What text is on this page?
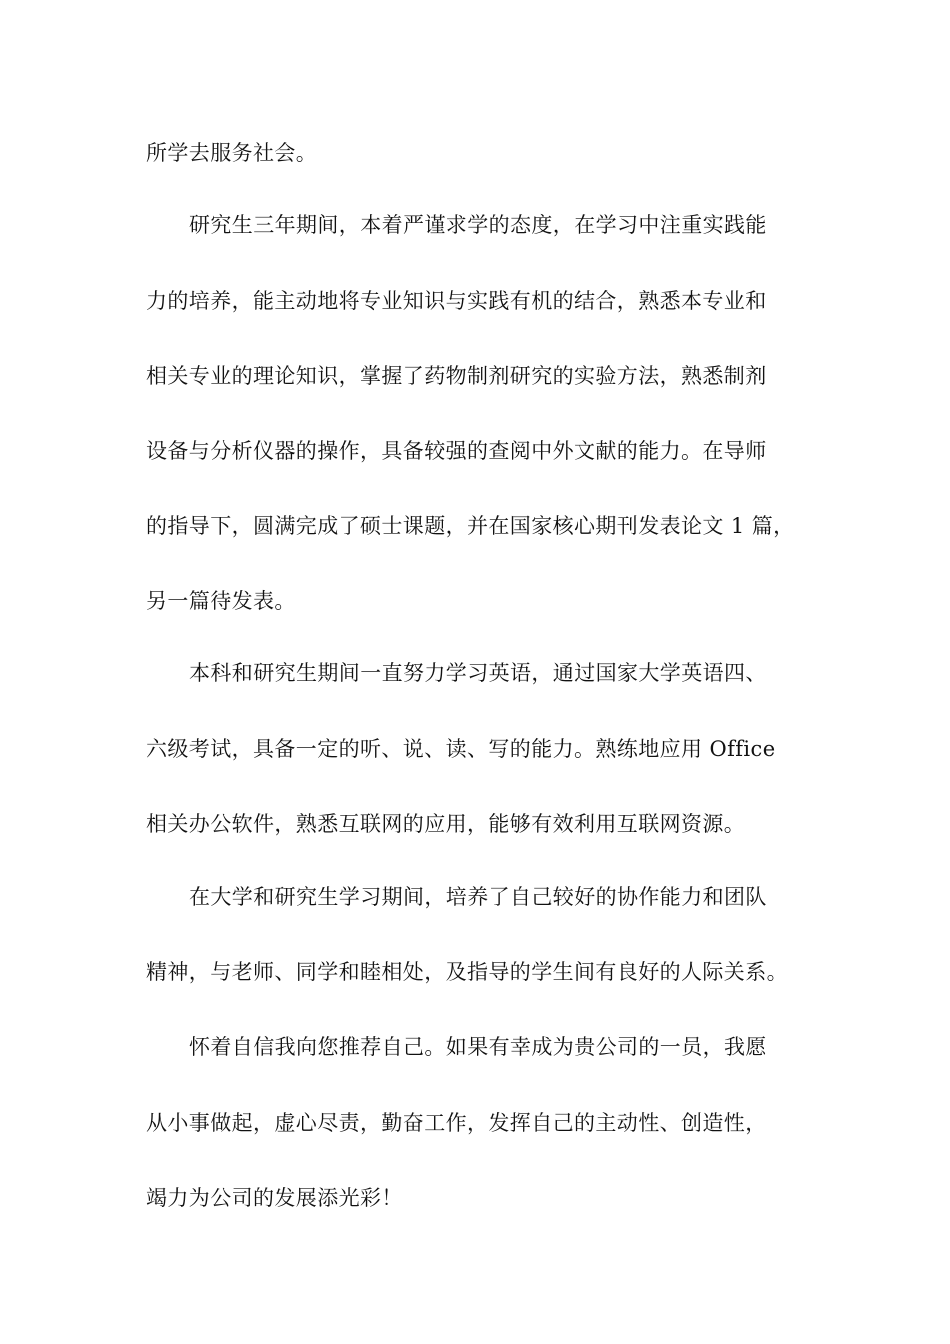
所学去服务社会。

研究生三年期间，本着严谨求学的态度，在学习中注重实践能

力的培养，能主动地将专业知识与实践有机的结合，熟悉本专业和

相关专业的理论知识，掌握了药物制剂研究的实验方法，熟悉制剂

设备与分析仪器的操作，具备较强的查阅中外文献的能力。在导师

的指导下，圆满完成了硕士课题，并在国家核心期刊发表论文 1 篇，

另一篇待发表。

本科和研究生期间一直努力学习英语，通过国家大学英语四、

六级考试，具备一定的听、说、读、写的能力。熟练地应用 Office

相关办公软件，熟悉互联网的应用，能够有效利用互联网资源。

在大学和研究生学习期间，培养了自己较好的协作能力和团队

精神，与老师、同学和睦相处，及指导的学生间有良好的人际关系。

怀着自信我向您推荐自己。如果有幸成为贵公司的一员，我愿

从小事做起，虚心尽责，勤奋工作，发挥自己的主动性、创造性，

竭力为公司的发展添光彩！
